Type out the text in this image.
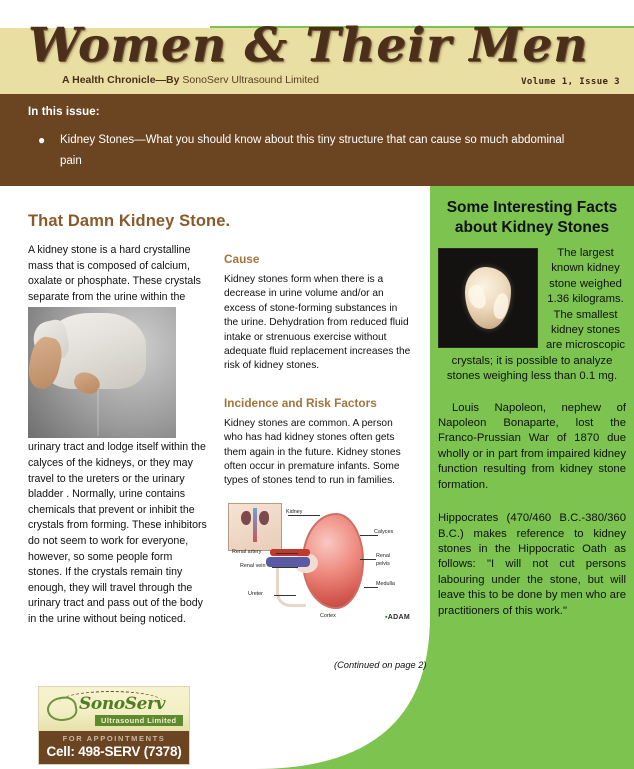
Women & Their Men
A Health Chronicle—By SonoServ Ultrasound Limited	Volume 1, Issue 3
In this issue:
● Kidney Stones—What you should know about this tiny structure that can cause so much abdominal pain
That Damn Kidney Stone.
A kidney stone is a hard crystalline mass that is composed of calcium, oxalate or phosphate. These crystals separate from the urine within the urinary tract and lodge itself within the calyces of the kidneys, or they may travel to the ureters or the urinary bladder . Normally, urine contains chemicals that prevent or inhibit the crystals from forming. These inhibitors do not seem to work for everyone, however, so some people form stones. If the crystals remain tiny enough, they will travel through the urinary tract and pass out of the body in the urine without being noticed.
Cause
Kidney stones form when there is a decrease in urine volume and/or an excess of stone-forming substances in the urine. Dehydration from reduced fluid intake or strenuous exercise without adequate fluid replacement increases the risk of kidney stones.
Incidence and Risk Factors
Kidney stones are common. A person who has had kidney stones often gets them again in the future. Kidney stones often occur in premature infants. Some types of stones tend to run in families.
Kidney
Calyces
Renal
pelvis
Medulla
Cortex
Renal artery
Renal vein
Ureter
▪ADAM
(Continued on page 2)
Some Interesting Facts about Kidney Stones
The largest known kidney stone weighed 1.36 kilograms. The smallest kidney stones are microscopic crystals; it is possible to analyze stones weighing less than 0.1 mg.
Louis Napoleon, nephew of Napoleon Bonaparte, lost the Franco-Prussian War of 1870 due wholly or in part from impaired kidney function resulting from kidney stone formation.
Hippocrates (470/460 B.C.-380/360 B.C.) makes reference to kidney stones in the Hippocratic Oath as follows: "I will not cut persons labouring under the stone, but will leave this to be done by men who are practitioners of this work."
SonoServ
Ultrasound Limited
FOR APPOINTMENTS
Cell: 498-SERV (7378)
